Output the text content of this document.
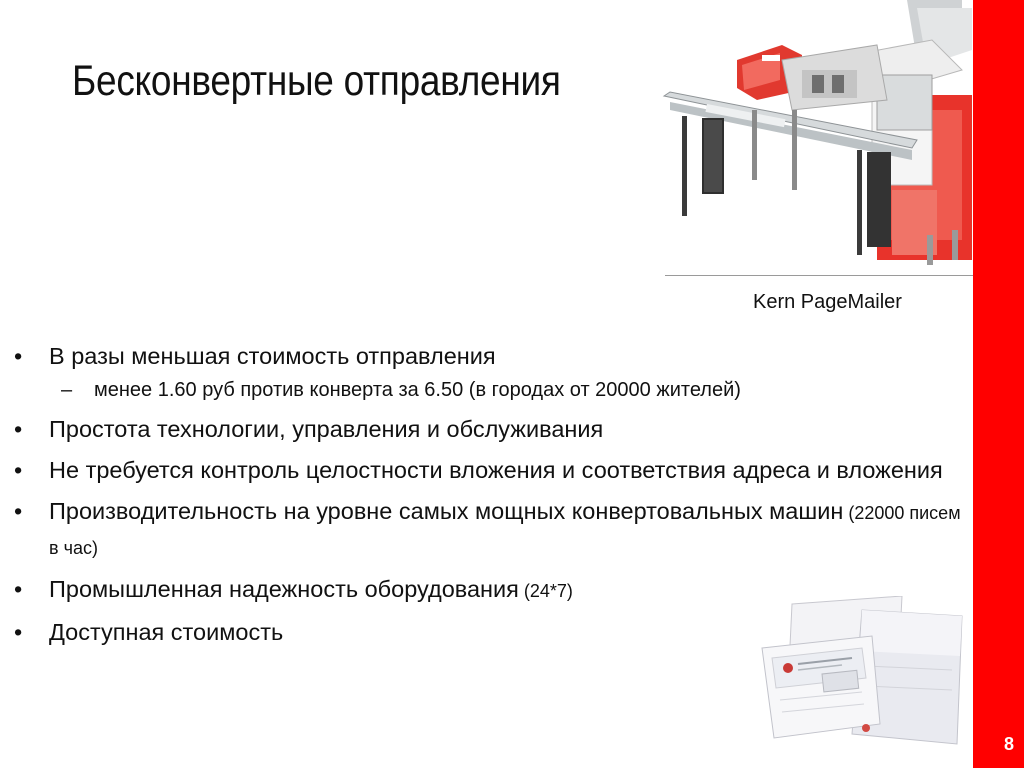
Бесконвертные отправления
Kern PageMailer
• В разы меньшая стоимость отправления
– менее 1.60 руб против конверта за 6.50 (в городах от 20000 жителей)
• Простота технологии, управления и обслуживания
• Не требуется контроль целостности вложения и соответствия адреса и вложения
• Производительность на уровне самых мощных конвертовальных машин (22000 писем в час)
• Промышленная надежность оборудования (24*7)
• Доступная стоимость
8
